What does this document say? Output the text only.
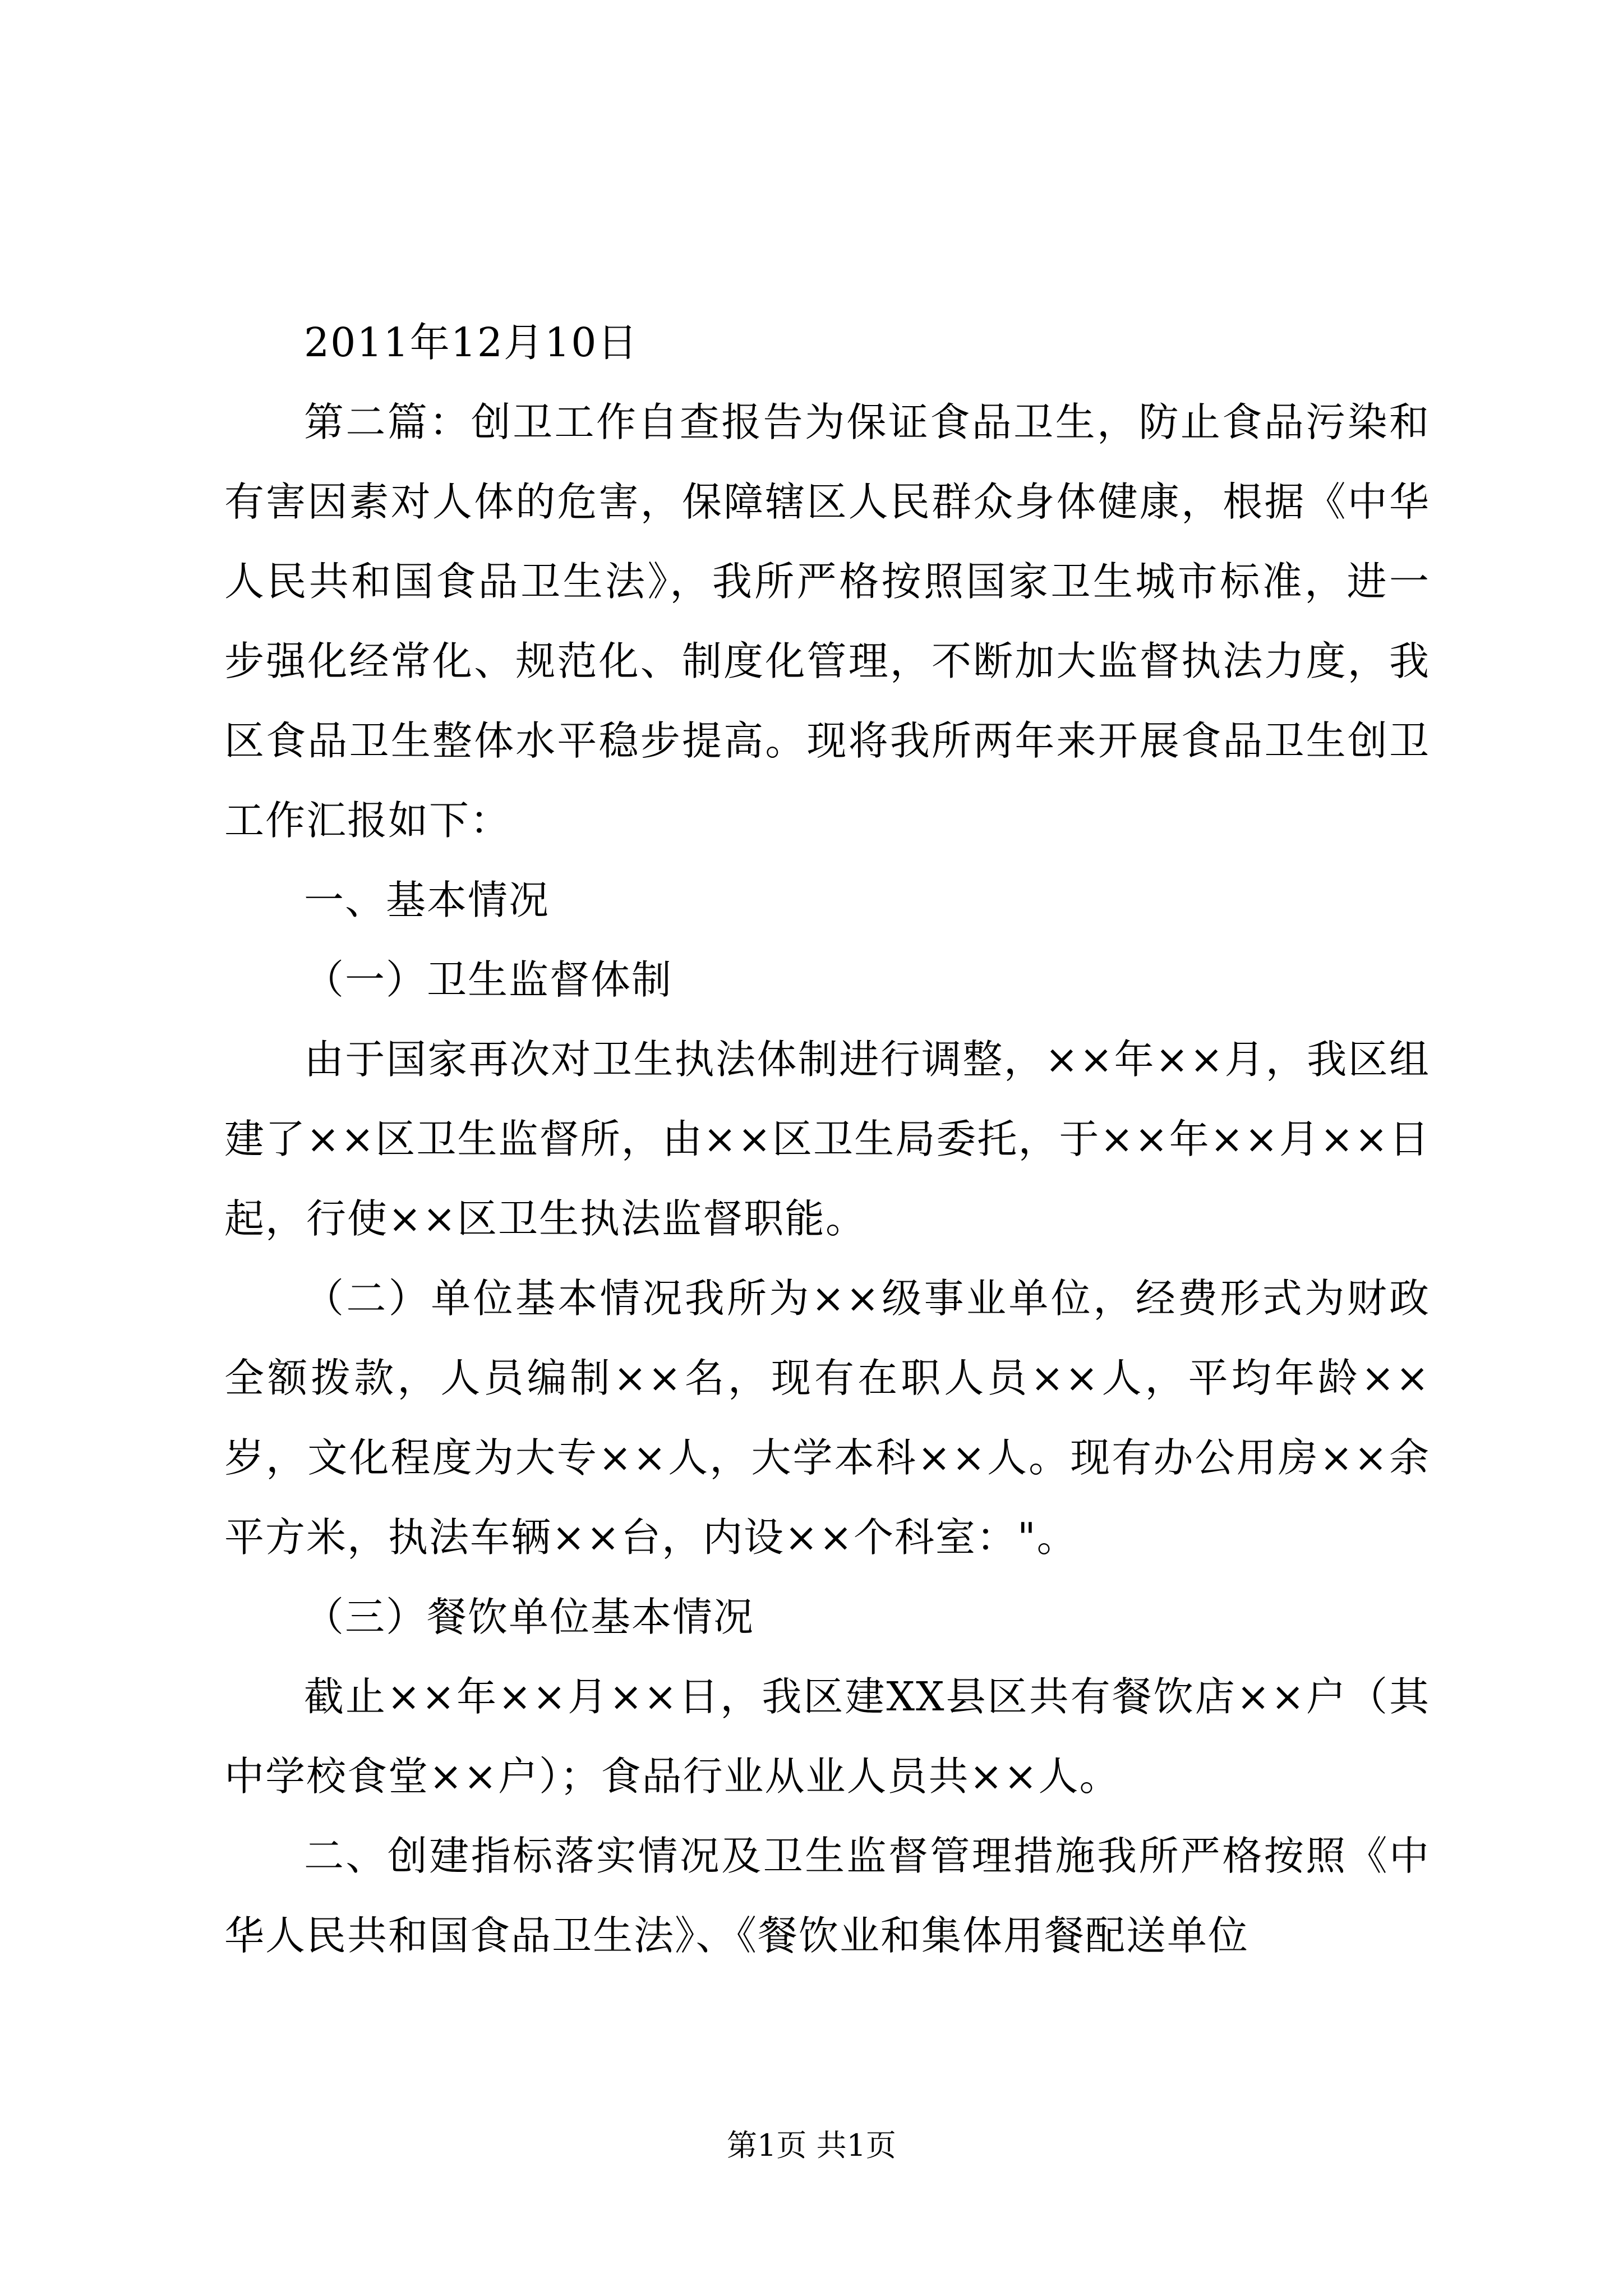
2011年12月10日

第二篇：创卫工作自查报告为保证食品卫生，防止食品污染和有害因素对人体的危害，保障辖区人民群众身体健康，根据《中华人民共和国食品卫生法》，我所严格按照国家卫生城市标准，进一步强化经常化、规范化、制度化管理，不断加大监督执法力度，我区食品卫生整体水平稳步提高。现将我所两年来开展食品卫生创卫工作汇报如下：

一、基本情况

（一）卫生监督体制

由于国家再次对卫生执法体制进行调整，××年××月，我区组建了××区卫生监督所，由××区卫生局委托，于××年××月××日起，行使××区卫生执法监督职能。

（二）单位基本情况我所为××级事业单位，经费形式为财政全额拨款，人员编制××名，现有在职人员××人，平均年龄××岁，文化程度为大专××人，大学本科××人。现有办公用房××余平方米，执法车辆××台，内设××个科室："。

（三）餐饮单位基本情况

截止××年××月××日，我区建XX县区共有餐饮店××户（其中学校食堂××户）；食品行业从业人员共××人。

二、创建指标落实情况及卫生监督管理措施我所严格按照《中华人民共和国食品卫生法》、《餐饮业和集体用餐配送单位

第1页 共1页
